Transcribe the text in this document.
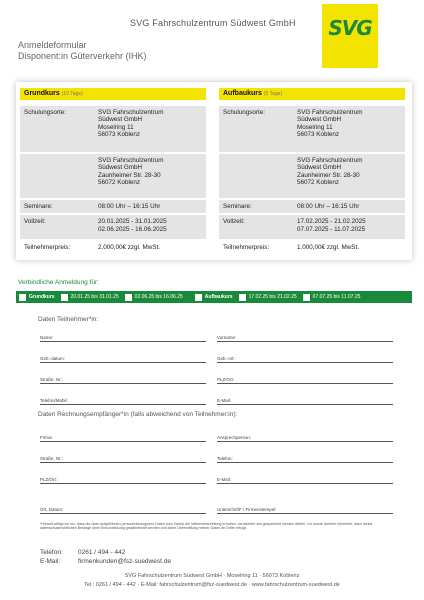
SVG Fahrschulzentrum Südwest GmbH SVG
Anmeldeformular
Disponent:in Güterverkehr (IHK)
Grundkurs (10 Tage)
Schulungsorte:	SVG Fahrschulzentrum
Südwest GmbH
Moselring 11
56073 Koblenz
SVG Fahrschulzentrum
Südwest GmbH
Zaunheimer Str. 28-30
56072 Koblenz
Seminare:	08:00 Uhr – 16:15 Uhr
Vollzeit:	20.01.2025 - 31.01.2025
02.06.2025 - 16.06.2025
Teilnehmerpreis:	2.000,00€ zzgl. MwSt.
Aufbaukurs (5 Tage)
Schulungsorte:	SVG Fahrschulzentrum
Südwest GmbH
Moselring 11
56073 Koblenz
SVG Fahrschulzentrum
Südwest GmbH
Zaunheimer Str. 28-30
56072 Koblenz
Seminare:	08:00 Uhr – 16:15 Uhr
Vollzeit:	17.02.2025 - 21.02.2025
07.07.2025 - 11.07.2025
Teilnehmerpreis:	1.000,00€ zzgl. MwSt.
Verbindliche Anmeldung für:
Grundkurs	20.01.25 bis 31.01.25	02.06.25 bis 16.06.25	Aufbaukurs	17.02.25 bis 21.02.25	07.07.25 bis 11.07.25
Daten Teilnehmer*in:
Name:	Vorname:
Geb.-datum:	Geb.-ort:
Straße, Nr.:	PLZ/Ort:
Telefon/Mobil:	E-Mail:
Daten Rechnungsempfänger*in (falls abweichend von Teilnehmer:in):
Firma:	Ansprechperson:
Straße, Nr.:	Telefon:
PLZ/Ort:	E-Mail:
Ort, Datum:	Unterschrift* / Firmenstempel:
*Hiermit willige ich ein, dass die oben aufgeführten personenbezogenen Daten zum Zweck der Weiterverarbeitung erhoben, verarbeitet und gespeichert werden dürfen. Ich wurde darüber informiert, dass meine datenschutzrechtlichen Belange ohne Einschränkung gewährleistet werden und keine Übermittlung meiner Daten an Dritte erfolgt.
Telefon: 0261 / 494 - 442
E-Mail:	firmenkunden@fsz-suedwest.de
SVG Fahrschulzentrum Südwest GmbH · Moselring 11 · 56073 Koblenz
Tel.: 0261 / 494 - 442 · E-Mail: fahrschulzentrum@fsz-suedwest.de · www.fahrschulzentrum-suedwest.de
